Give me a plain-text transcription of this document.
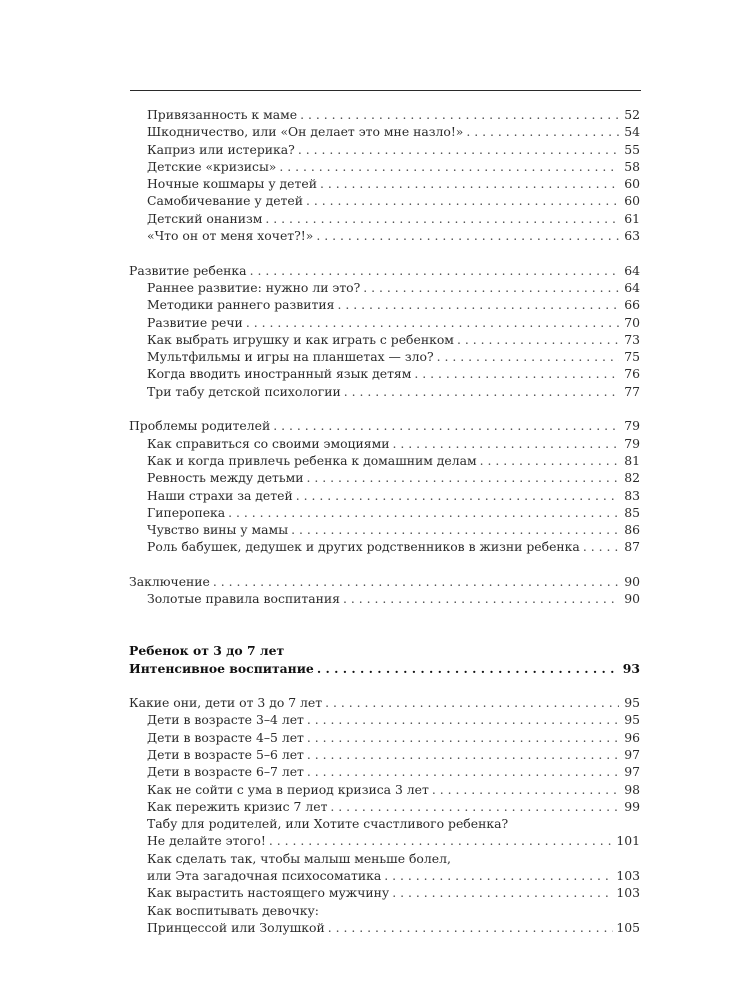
Привязанность к маме . . .	52
Шкодничество, или «Он делает это мне назло!» . . .	54
Каприз или истерика? . . .	55
Детские «кризисы» . . .	58
Ночные кошмары у детей . . .	60
Самобичевание у детей . . .	60
Детский онанизм . . .	61
«Что он от меня хочет?!» . . .	63
Развитие ребенка . . .	64
Раннее развитие: нужно ли это? . . .	64
Методики раннего развития . . .	66
Развитие речи . . .	70
Как выбрать игрушку и как играть с ребенком . . .	73
Мультфильмы и игры на планшетах — зло? . . .	75
Когда вводить иностранный язык детям . . .	76
Три табу детской психологии . . .	77
Проблемы родителей . . .	79
Как справиться со своими эмоциями . . .	79
Как и когда привлечь ребенка к домашним делам . . .	81
Ревность между детьми . . .	82
Наши страхи за детей . . .	83
Гиперопека . . .	85
Чувство вины у мамы . . .	86
Роль бабушек, дедушек и других родственников в жизни ребенка . . .	87
Заключение . . .	90
Золотые правила воспитания . . .	90
Ребенок от 3 до 7 лет
Интенсивное воспитание . . .	93
Какие они, дети от 3 до 7 лет . . .	95
Дети в возрасте 3–4 лет . . .	95
Дети в возрасте 4–5 лет . . .	96
Дети в возрасте 5–6 лет . . .	97
Дети в возрасте 6–7 лет . . .	97
Как не сойти с ума в период кризиса 3 лет . . .	98
Как пережить кризис 7 лет . . .	99
Табу для родителей, или Хотите счастливого ребенка?
Не делайте этого! . . .	101
Как сделать так, чтобы малыш меньше болел,
или Эта загадочная психосоматика . . .	103
Как вырастить настоящего мужчину . . .	103
Как воспитывать девочку:
Принцессой или Золушкой . . .	105
